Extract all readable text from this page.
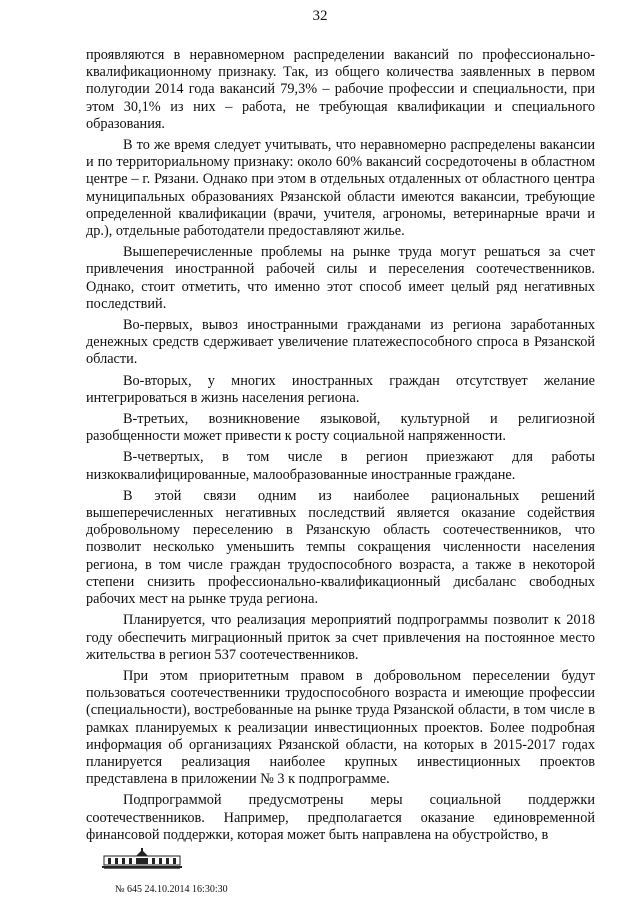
32

проявляются в неравномерном распределении вакансий по профессионально-квалификационному признаку. Так, из общего количества заявленных в первом полугодии 2014 года вакансий 79,3% – рабочие профессии и специальности, при этом 30,1% из них – работа, не требующая квалификации и специального образования.

В то же время следует учитывать, что неравномерно распределены вакансии и по территориальному признаку: около 60% вакансий сосредоточены в областном центре – г. Рязани. Однако при этом в отдельных отдаленных от областного центра муниципальных образованиях Рязанской области имеются вакансии, требующие определенной квалификации (врачи, учителя, агрономы, ветеринарные врачи и др.), отдельные работодатели предоставляют жилье.

Вышеперечисленные проблемы на рынке труда могут решаться за счет привлечения иностранной рабочей силы и переселения соотечественников. Однако, стоит отметить, что именно этот способ имеет целый ряд негативных последствий.

Во-первых, вывоз иностранными гражданами из региона заработанных денежных средств сдерживает увеличение платежеспособного спроса в Рязанской области.

Во-вторых, у многих иностранных граждан отсутствует желание интегрироваться в жизнь населения региона.

В-третьих, возникновение языковой, культурной и религиозной разобщенности может привести к росту социальной напряженности.

В-четвертых, в том числе в регион приезжают для работы низкоквалифицированные, малообразованные иностранные граждане.

В этой связи одним из наиболее рациональных решений вышеперечисленных негативных последствий является оказание содействия добровольному переселению в Рязанскую область соотечественников, что позволит несколько уменьшить темпы сокращения численности населения региона, в том числе граждан трудоспособного возраста, а также в некоторой степени снизить профессионально-квалификационный дисбаланс свободных рабочих мест на рынке труда региона.

Планируется, что реализация мероприятий подпрограммы позволит к 2018 году обеспечить миграционный приток за счет привлечения на постоянное место жительства в регион 537 соотечественников.

При этом приоритетным правом в добровольном переселении будут пользоваться соотечественники трудоспособного возраста и имеющие профессии (специальности), востребованные на рынке труда Рязанской области, в том числе в рамках планируемых к реализации инвестиционных проектов. Более подробная информация об организациях Рязанской области, на которых в 2015-2017 годах планируется реализация наиболее крупных инвестиционных проектов представлена в приложении № 3 к подпрограмме.

Подпрограммой предусмотрены меры социальной поддержки соотечественников. Например, предполагается оказание единовременной финансовой поддержки, которая может быть направлена на обустройство, в

№ 645 24.10.2014 16:30:30
